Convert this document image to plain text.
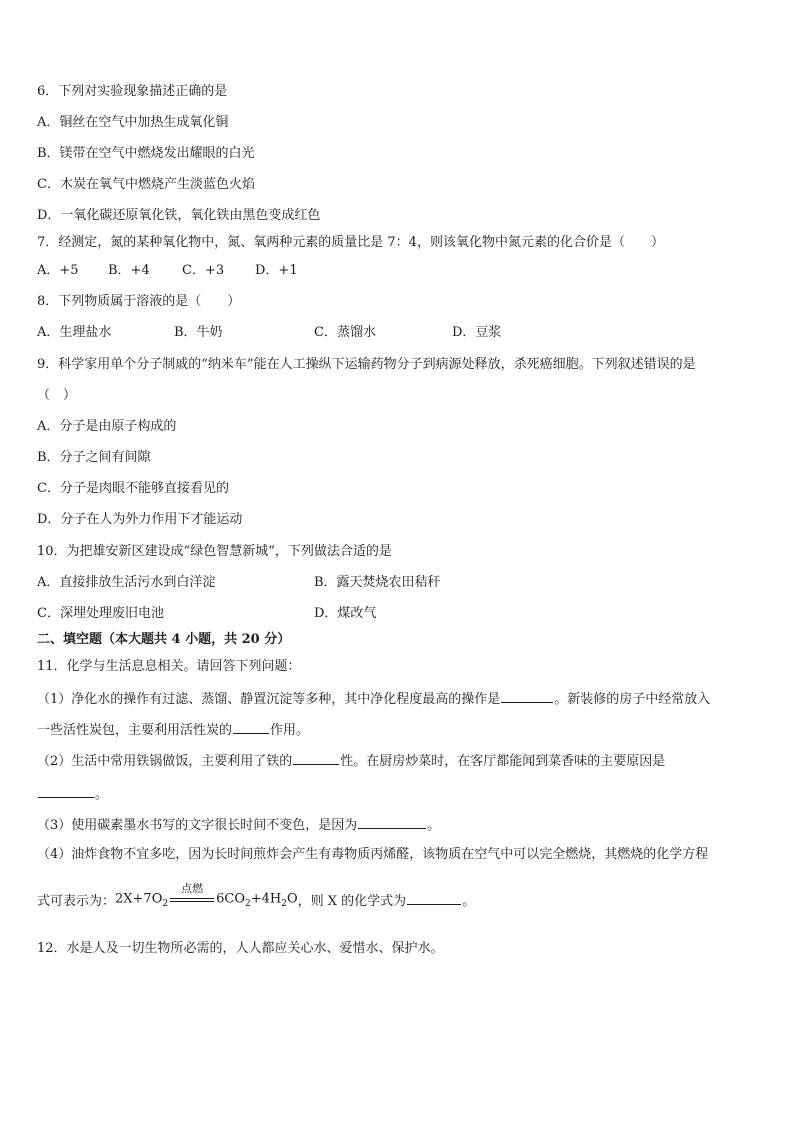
6．下列对实验现象描述正确的是
A．铜丝在空气中加热生成氧化铜
B．镁带在空气中燃烧发出耀眼的白光
C．木炭在氧气中燃烧产生淡蓝色火焰
D．一氧化碳还原氧化铁，氧化铁由黑色变成红色
7．经测定，氮的某种氧化物中，氮、氧两种元素的质量比是 7：4，则该氧化物中氮元素的化合价是（　　）
A．+5 B．+4 C．+3 D．+1
8．下列物质属于溶液的是（　　）
A．生理盐水	B．牛奶	C．蒸馏水	D．豆浆
9．科学家用单个分子制戚的“纳米车”能在人工操纵下运输药物分子到病源处释放，杀死癌细胞。下列叙述错误的是
（　）
A．分子是由原子构成的
B．分子之间有间隙
C．分子是肉眼不能够直接看见的
D．分子在人为外力作用下才能运动
10．为把雄安新区建设成“绿色智慧新城”，下列做法合适的是
A．直接排放生活污水到白洋淀	B．露天焚烧农田秸秆
C．深埋处理废旧电池	D．煤改气
二、填空题（本大题共 4 小题，共 20 分）
11．化学与生活息息相关。请回答下列问题：
（1）净化水的操作有过滤、蒸馏、静置沉淀等多种，其中净化程度最高的操作是	。新装修的房子中经常放入
一些活性炭包，主要利用活性炭的	作用。
（2）生活中常用铁锅做饭，主要利用了铁的	性。在厨房炒菜时，在客厅都能闻到菜香味的主要原因是
。
（3）使用碳素墨水书写的文字很长时间不变色，是因为	。
（4）油炸食物不宜多吃，因为长时间煎炸会产生有毒物质丙烯醛，该物质在空气中可以完全燃烧，其燃烧的化学方程
式可表示为：$2X+7O_2$
点燃
$6CO_2+4H_2O$，则 X 的化学式为	。
12．水是人及一切生物所必需的，人人都应关心水、爱惜水、保护水。
